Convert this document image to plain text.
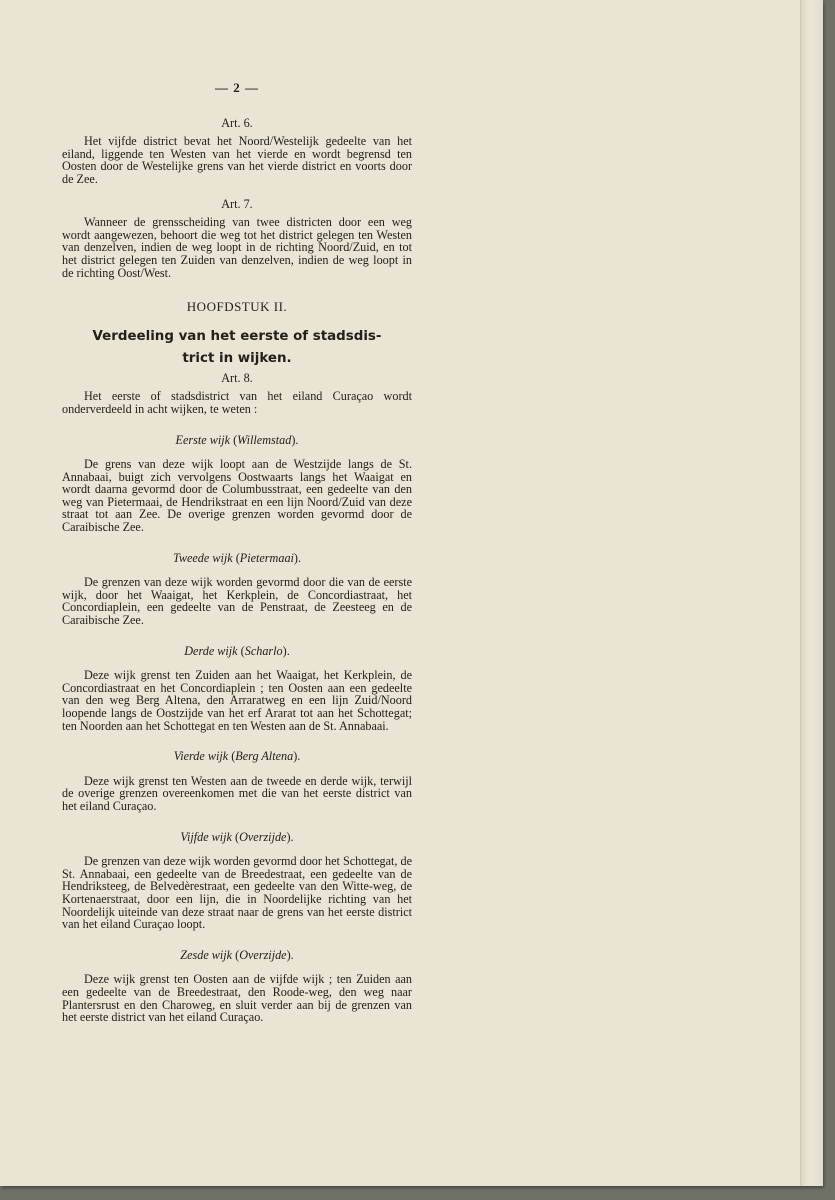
— 2 —
Art. 6.

Het vijfde district bevat het Noord/Westelijk gedeelte van het eiland, liggende ten Westen van het vierde en wordt begrensd ten Oosten door de Westelijke grens van het vierde district en voorts door de Zee.

Art. 7.

Wanneer de grensscheiding van twee districten door een weg wordt aangewezen, behoort die weg tot het district gelegen ten Westen van denzelven, indien de weg loopt in de richting Noord/Zuid, en tot het district gelegen ten Zuiden van denzelven, indien de weg loopt in de richting Oost/West.

HOOFDSTUK II.
Verdeeling van het eerste of stadsdis-
trict in wijken.
Art. 8.

Het eerste of stadsdistrict van het eiland Curaçao wordt onderverdeeld in acht wijken, te weten :

Eerste wijk (Willemstad).

De grens van deze wijk loopt aan de Westzijde langs de St. Annabaai, buigt zich vervolgens Oostwaarts langs het Waaigat en wordt daarna gevormd door de Columbusstraat, een gedeelte van den weg van Pietermaai, de Hendrikstraat en een lijn Noord/Zuid van deze straat tot aan Zee. De overige grenzen worden gevormd door de Caraibische Zee.

Tweede wijk (Pietermaai).

De grenzen van deze wijk worden gevormd door die van de eerste wijk, door het Waaigat, het Kerkplein, de Concordiastraat, het Concordiaplein, een gedeelte van de Penstraat, de Zeesteeg en de Caraibische Zee.

Derde wijk (Scharlo).

Deze wijk grenst ten Zuiden aan het Waaigat, het Kerkplein, de Concordiastraat en het Concordiaplein ; ten Oosten aan een gedeelte van den weg Berg Altena, den Arraratweg en een lijn Zuid/Noord loopende langs de Oostzijde van het erf Ararat tot aan het Schottegat; ten Noorden aan het Schottegat en ten Westen aan de St. Annabaai.

Vierde wijk (Berg Altena).

Deze wijk grenst ten Westen aan de tweede en derde wijk, terwijl de overige grenzen overeenkomen met die van het eerste district van het eiland Curaçao.

Vijfde wijk (Overzijde).

De grenzen van deze wijk worden gevormd door het Schottegat, de St. Annabaai, een gedeelte van de Breedestraat, een gedeelte van de Hendriksteeg, de Belvedèrestraat, een gedeelte van den Witte-weg, de Kortenaerstraat, door een lijn, die in Noordelijke richting van het Noordelijk uiteinde van deze straat naar de grens van het eerste district van het eiland Curaçao loopt.

Zesde wijk (Overzijde).

Deze wijk grenst ten Oosten aan de vijfde wijk ; ten Zuiden aan een gedeelte van de Breedestraat, den Roode-weg, den weg naar Plantersrust en den Charoweg, en sluit verder aan bij de grenzen van het eerste district van het eiland Curaçao.
